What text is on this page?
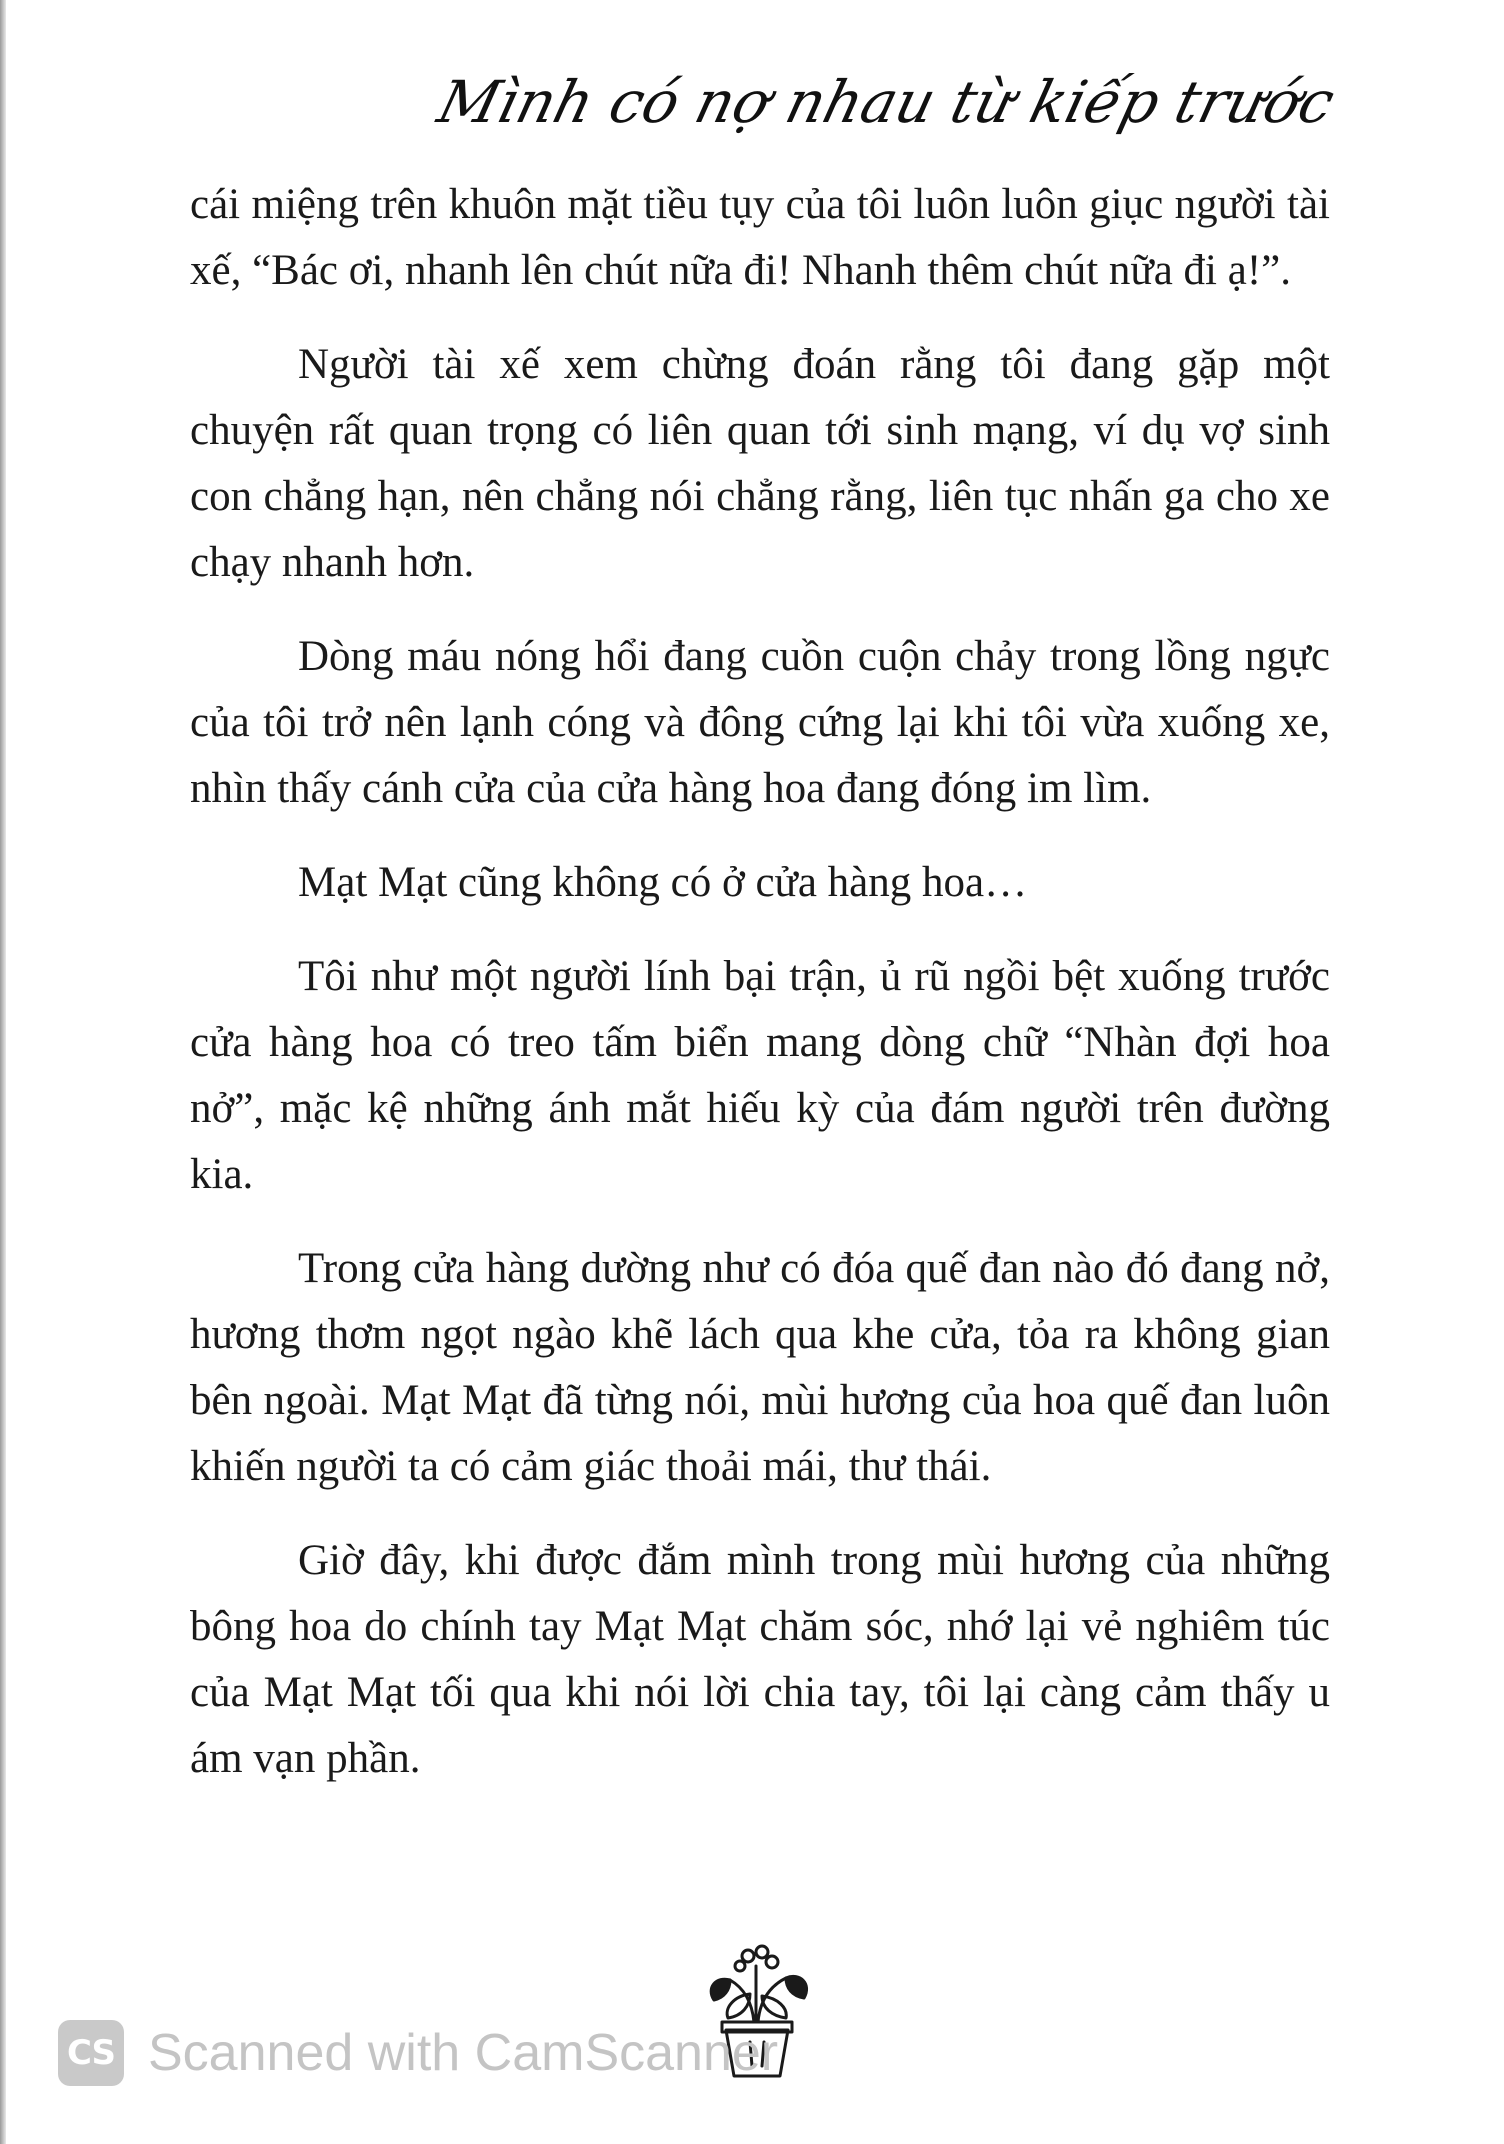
Mình có nợ nhau từ kiếp trước

cái miệng trên khuôn mặt tiều tụy của tôi luôn luôn giục người tài xế, “Bác ơi, nhanh lên chút nữa đi! Nhanh thêm chút nữa đi ạ!”.

Người tài xế xem chừng đoán rằng tôi đang gặp một chuyện rất quan trọng có liên quan tới sinh mạng, ví dụ vợ sinh con chẳng hạn, nên chẳng nói chẳng rằng, liên tục nhấn ga cho xe chạy nhanh hơn.

Dòng máu nóng hổi đang cuồn cuộn chảy trong lồng ngực của tôi trở nên lạnh cóng và đông cứng lại khi tôi vừa xuống xe, nhìn thấy cánh cửa của cửa hàng hoa đang đóng im lìm.

Mạt Mạt cũng không có ở cửa hàng hoa…

Tôi như một người lính bại trận, ủ rũ ngồi bệt xuống trước cửa hàng hoa có treo tấm biển mang dòng chữ “Nhàn đợi hoa nở”, mặc kệ những ánh mắt hiếu kỳ của đám người trên đường kia.

Trong cửa hàng dường như có đóa quế đan nào đó đang nở, hương thơm ngọt ngào khẽ lách qua khe cửa, tỏa ra không gian bên ngoài. Mạt Mạt đã từng nói, mùi hương của hoa quế đan luôn khiến người ta có cảm giác thoải mái, thư thái.

Giờ đây, khi được đắm mình trong mùi hương của những bông hoa do chính tay Mạt Mạt chăm sóc, nhớ lại vẻ nghiêm túc của Mạt Mạt tối qua khi nói lời chia tay, tôi lại càng cảm thấy u ám vạn phần.

CS Scanned with CamScanner
